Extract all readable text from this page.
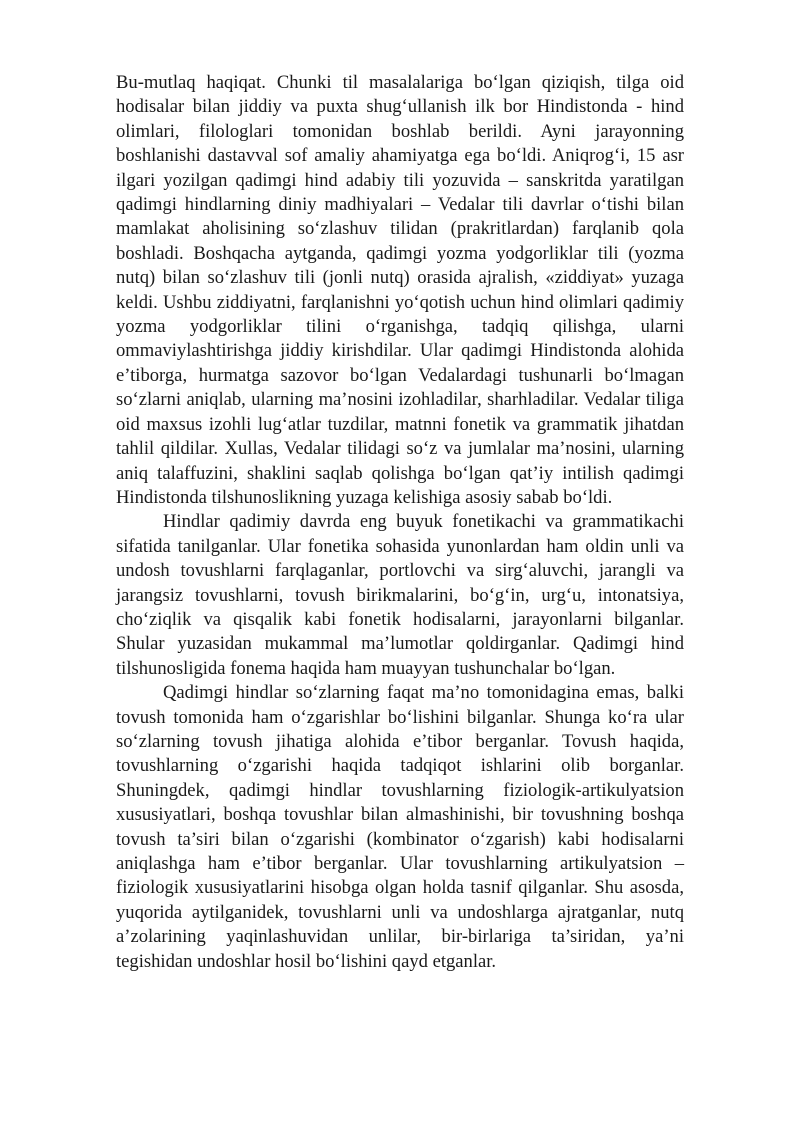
Bu-mutlaq haqiqat. Chunki til masalalariga bo‘lgan qiziqish, tilga oid hodisalar bilan jiddiy va puxta shug‘ullanish ilk bor Hindistonda - hind olimlari, filologlari tomonidan boshlab berildi. Ayni jarayonning boshlanishi dastavval sof amaliy ahamiyatga ega bo‘ldi. Aniqrog‘i, 15 asr ilgari yozilgan qadimgi hind adabiy tili yozuvida – sanskritda yaratilgan qadimgi hindlarning diniy madhiyalari – Vedalar tili davrlar o‘tishi bilan mamlakat aholisining so‘zlashuv tilidan (prakritlardan) farqlanib qola boshladi. Boshqacha aytganda, qadimgi yozma yodgorliklar tili (yozma nutq) bilan so‘zlashuv tili (jonli nutq) orasida ajralish, «ziddiyat» yuzaga keldi. Ushbu ziddiyatni, farqlanishni yo‘qotish uchun hind olimlari qadimiy yozma yodgorliklar tilini o‘rganishga, tadqiq qilishga, ularni ommaviylashtirishga jiddiy kirishdilar. Ular qadimgi Hindistonda alohida e’tiborga, hurmatga sazovor bo‘lgan Vedalardagi tushunarli bo‘lmagan so‘zlarni aniqlab, ularning ma’nosini izohladilar, sharhladilar. Vedalar tiliga oid maxsus izohli lug‘atlar tuzdilar, matnni fonetik va grammatik jihatdan tahlil qildilar. Xullas, Vedalar tilidagi so‘z va jumlalar ma’nosini, ularning aniq talaffuzini, shaklini saqlab qolishga bo‘lgan qat’iy intilish qadimgi Hindistonda tilshunoslikning yuzaga kelishiga asosiy sabab bo‘ldi.

Hindlar qadimiy davrda eng buyuk fonetikachi va grammatikachi sifatida tanilganlar. Ular fonetika sohasida yunonlardan ham oldin unli va undosh tovushlarni farqlaganlar, portlovchi va sirg‘aluvchi, jarangli va jarangsiz tovushlarni, tovush birikmalarini, bo‘g‘in, urg‘u, intonatsiya, cho‘ziqlik va qisqalik kabi fonetik hodisalarni, jarayonlarni bilganlar. Shular yuzasidan mukammal ma’lumotlar qoldirganlar. Qadimgi hind tilshunosligida fonema haqida ham muayyan tushunchalar bo‘lgan.

Qadimgi hindlar so‘zlarning faqat ma’no tomonidagina emas, balki tovush tomonida ham o‘zgarishlar bo‘lishini bilganlar. Shunga ko‘ra ular so‘zlarning tovush jihatiga alohida e’tibor berganlar. Tovush haqida, tovushlarning o‘zgarishi haqida tadqiqot ishlarini olib borganlar. Shuningdek, qadimgi hindlar tovushlarning fiziologik-artikulyatsion xususiyatlari, boshqa tovushlar bilan almashinishi, bir tovushning boshqa tovush ta’siri bilan o‘zgarishi (kombinator o‘zgarish) kabi hodisalarni aniqlashga ham e’tibor berganlar. Ular tovushlarning artikulyatsion – fiziologik xususiyatlarini hisobga olgan holda tasnif qilganlar. Shu asosda, yuqorida aytilganidek, tovushlarni unli va undoshlarga ajratganlar, nutq a’zolarining yaqinlashuvidan unlilar, bir-birlariga ta’siridan, ya’ni tegishidan undoshlar hosil bo‘lishini qayd etganlar.
